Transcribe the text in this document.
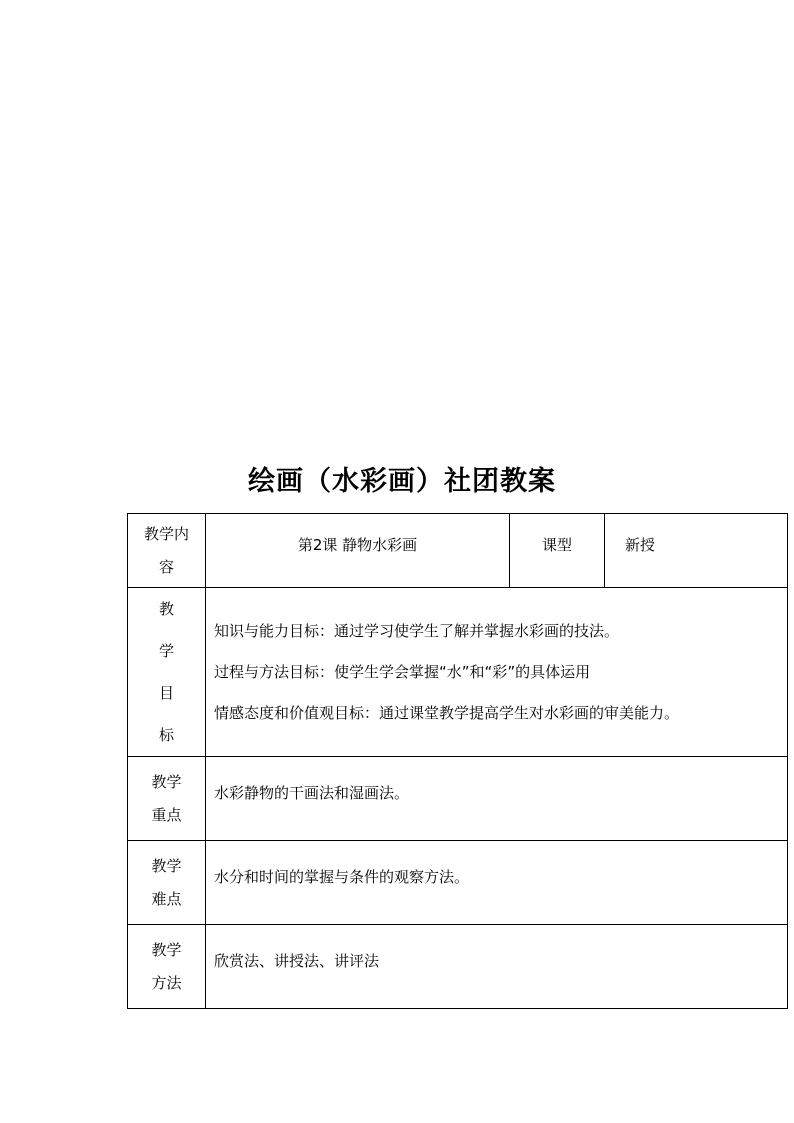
绘画（水彩画）社团教案
教学内
容	第2课 静物水彩画	课型	新授

教
学
目
标	知识与能力目标：通过学习使学生了解并掌握水彩画的技法。
过程与方法目标：使学生学会掌握“水”和“彩”的具体运用
情感态度和价值观目标：通过课堂教学提高学生对水彩画的审美能力。		

教学
重点	水彩静物的干画法和湿画法。		

教学
难点	水分和时间的掌握与条件的观察方法。		

教学
方法	欣赏法、讲授法、讲评法		
